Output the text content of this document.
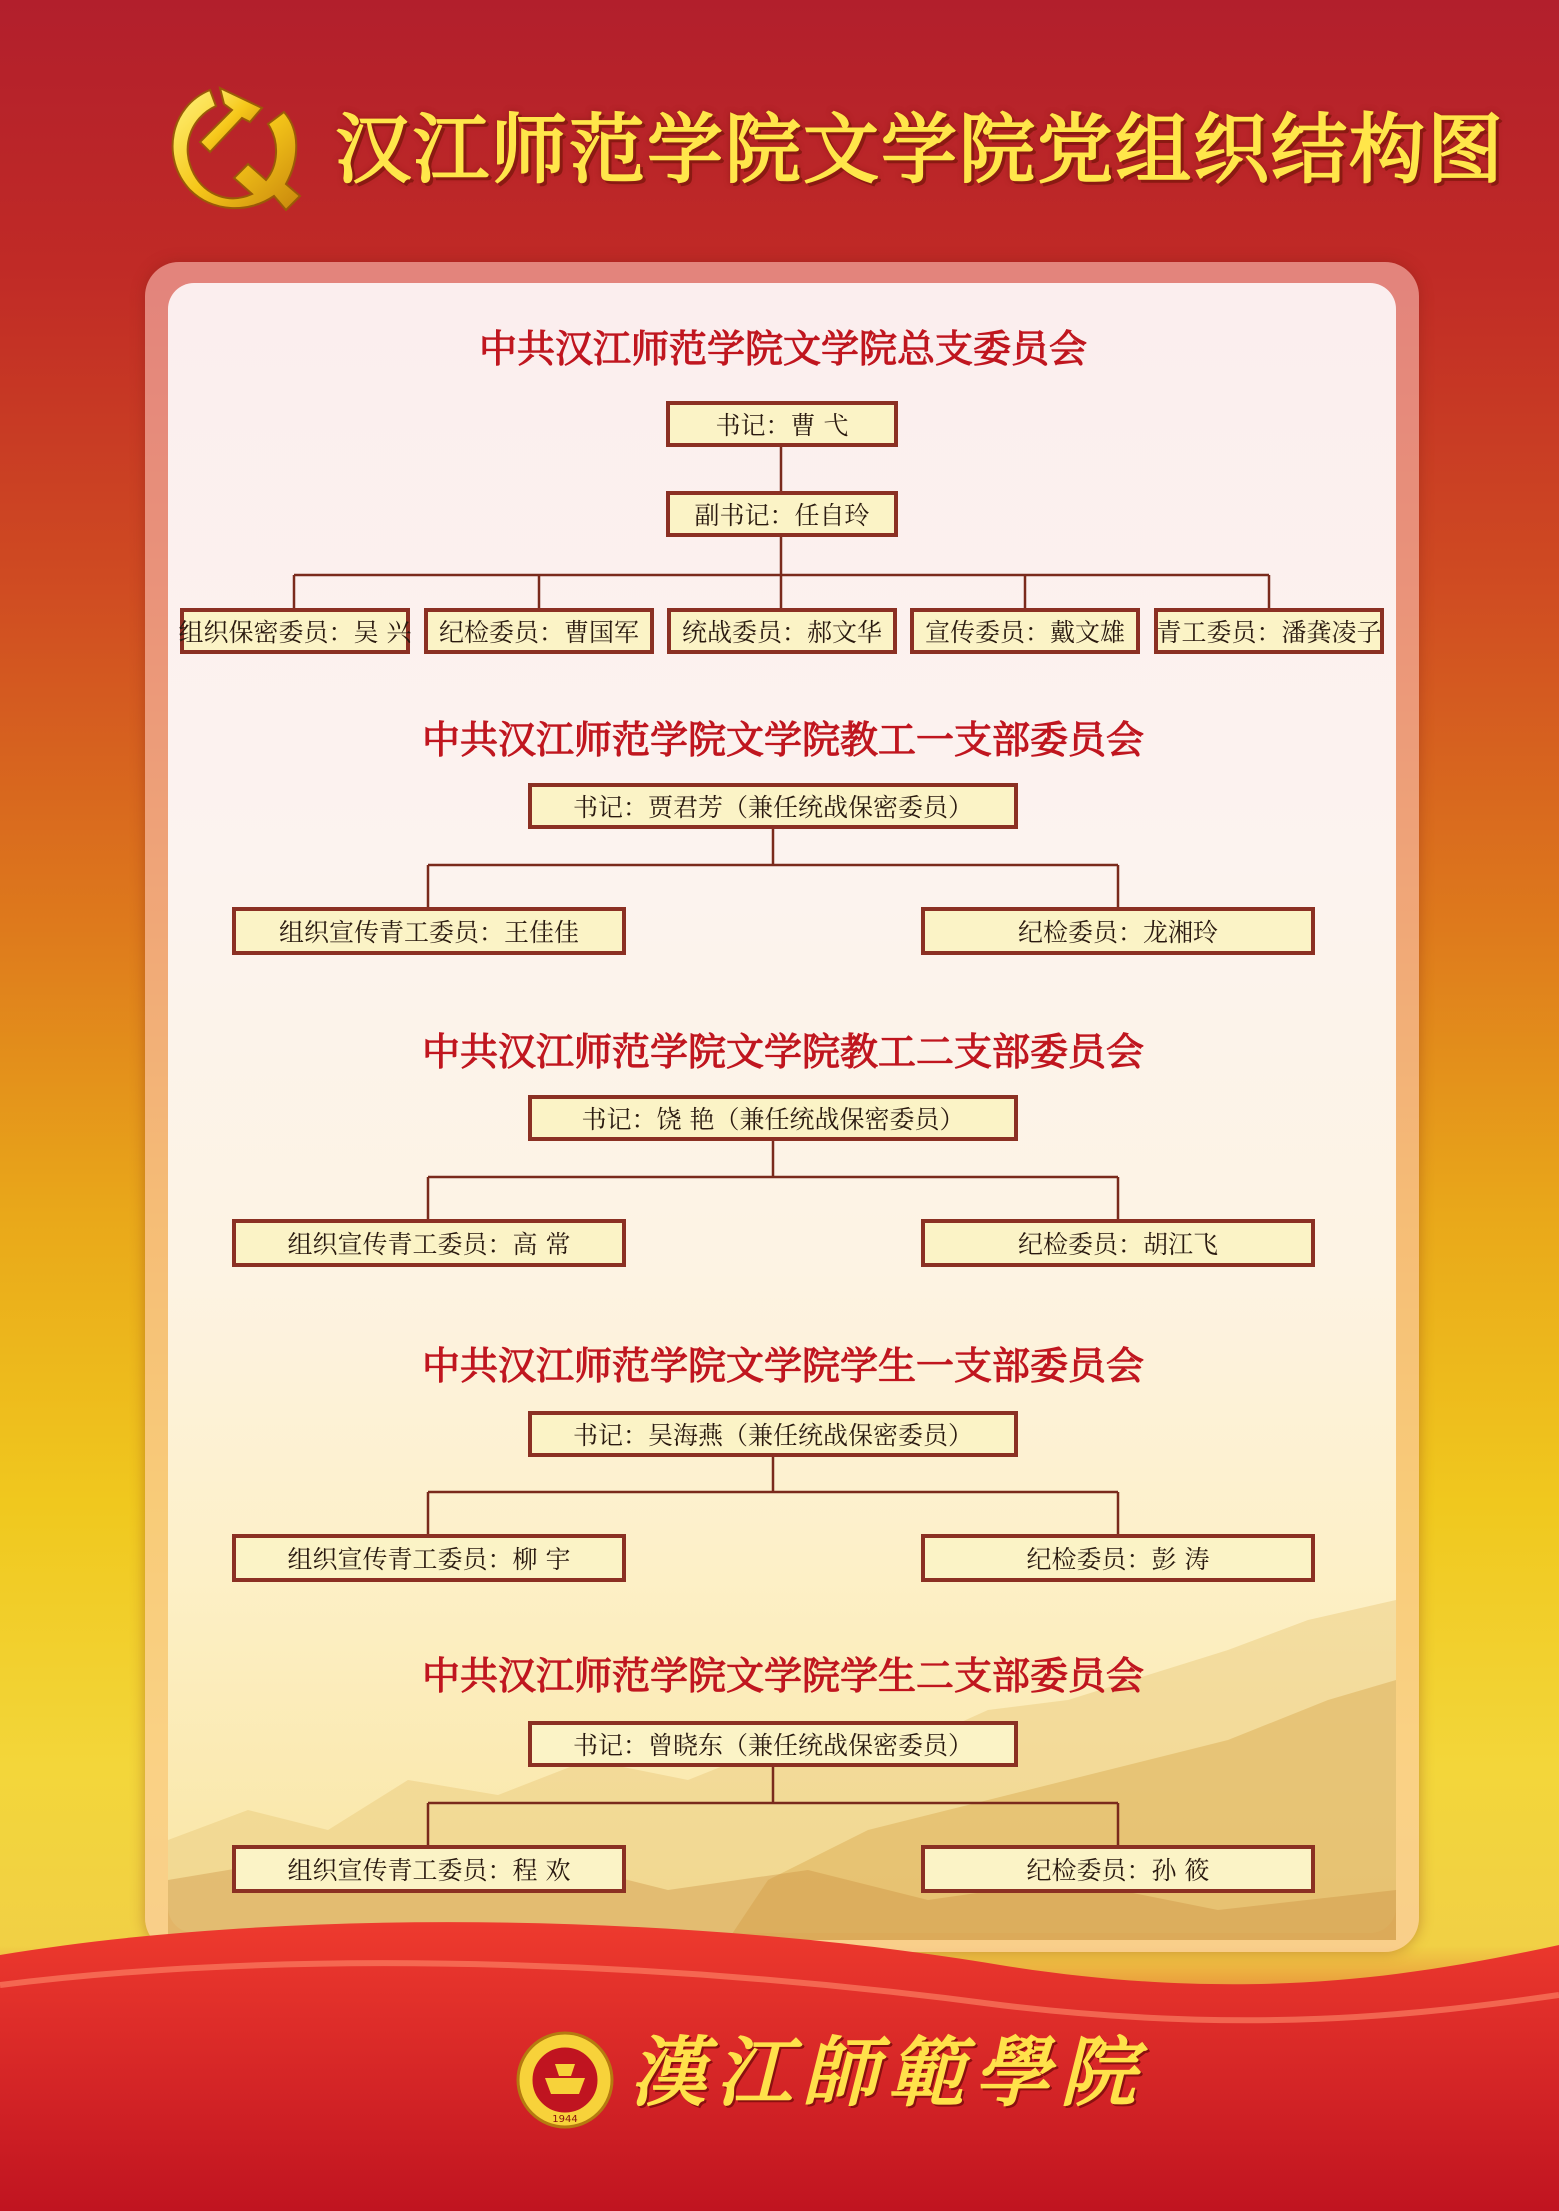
汉江师范学院文学院党组织结构图
中共汉江师范学院文学院总支委员会
书记：曹 弋
副书记：任自玲
组织保密委员：吴 兴	纪检委员：曹国军	统战委员：郝文华	宣传委员：戴文雄	青工委员：潘龚凌子
中共汉江师范学院文学院教工一支部委员会
书记：贾君芳（兼任统战保密委员）
组织宣传青工委员：王佳佳	纪检委员：龙湘玲
中共汉江师范学院文学院教工二支部委员会
书记：饶 艳（兼任统战保密委员）
组织宣传青工委员：高 常	纪检委员：胡江飞
中共汉江师范学院文学院学生一支部委员会
书记：吴海燕（兼任统战保密委员）
组织宣传青工委员：柳 宇	纪检委员：彭 涛
中共汉江师范学院文学院学生二支部委员会
书记：曾晓东（兼任统战保密委员）
组织宣传青工委员：程 欢	纪检委员：孙 筱
1944

漢江師範學院
